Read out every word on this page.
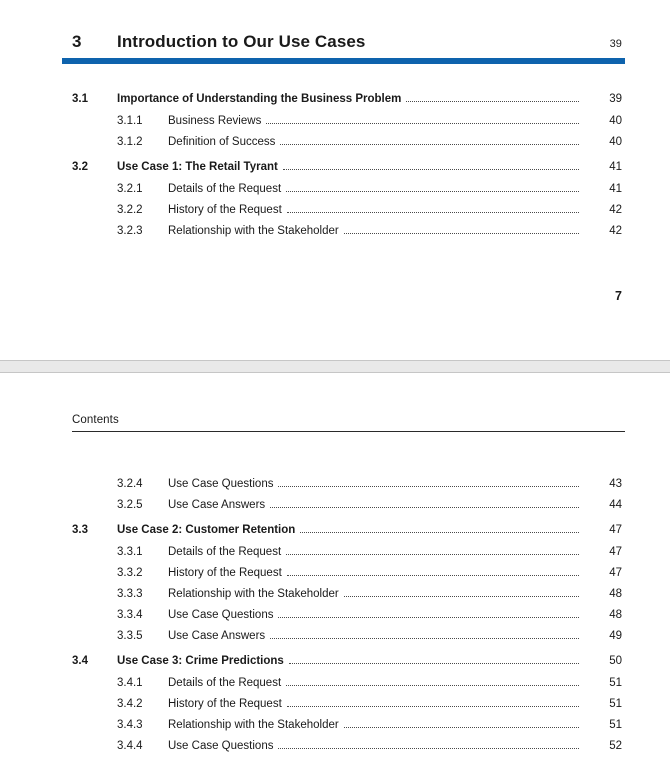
3	Introduction to Our Use Cases	39
3.1	Importance of Understanding the Business Problem	39
3.1.1	Business Reviews	40
3.1.2	Definition of Success	40
3.2	Use Case 1: The Retail Tyrant	41
3.2.1	Details of the Request	41
3.2.2	History of the Request	42
3.2.3	Relationship with the Stakeholder	42
7
Contents
3.2.4	Use Case Questions	43
3.2.5	Use Case Answers	44
3.3	Use Case 2: Customer Retention	47
3.3.1	Details of the Request	47
3.3.2	History of the Request	47
3.3.3	Relationship with the Stakeholder	48
3.3.4	Use Case Questions	48
3.3.5	Use Case Answers	49
3.4	Use Case 3: Crime Predictions	50
3.4.1	Details of the Request	51
3.4.2	History of the Request	51
3.4.3	Relationship with the Stakeholder	51
3.4.4	Use Case Questions	52
